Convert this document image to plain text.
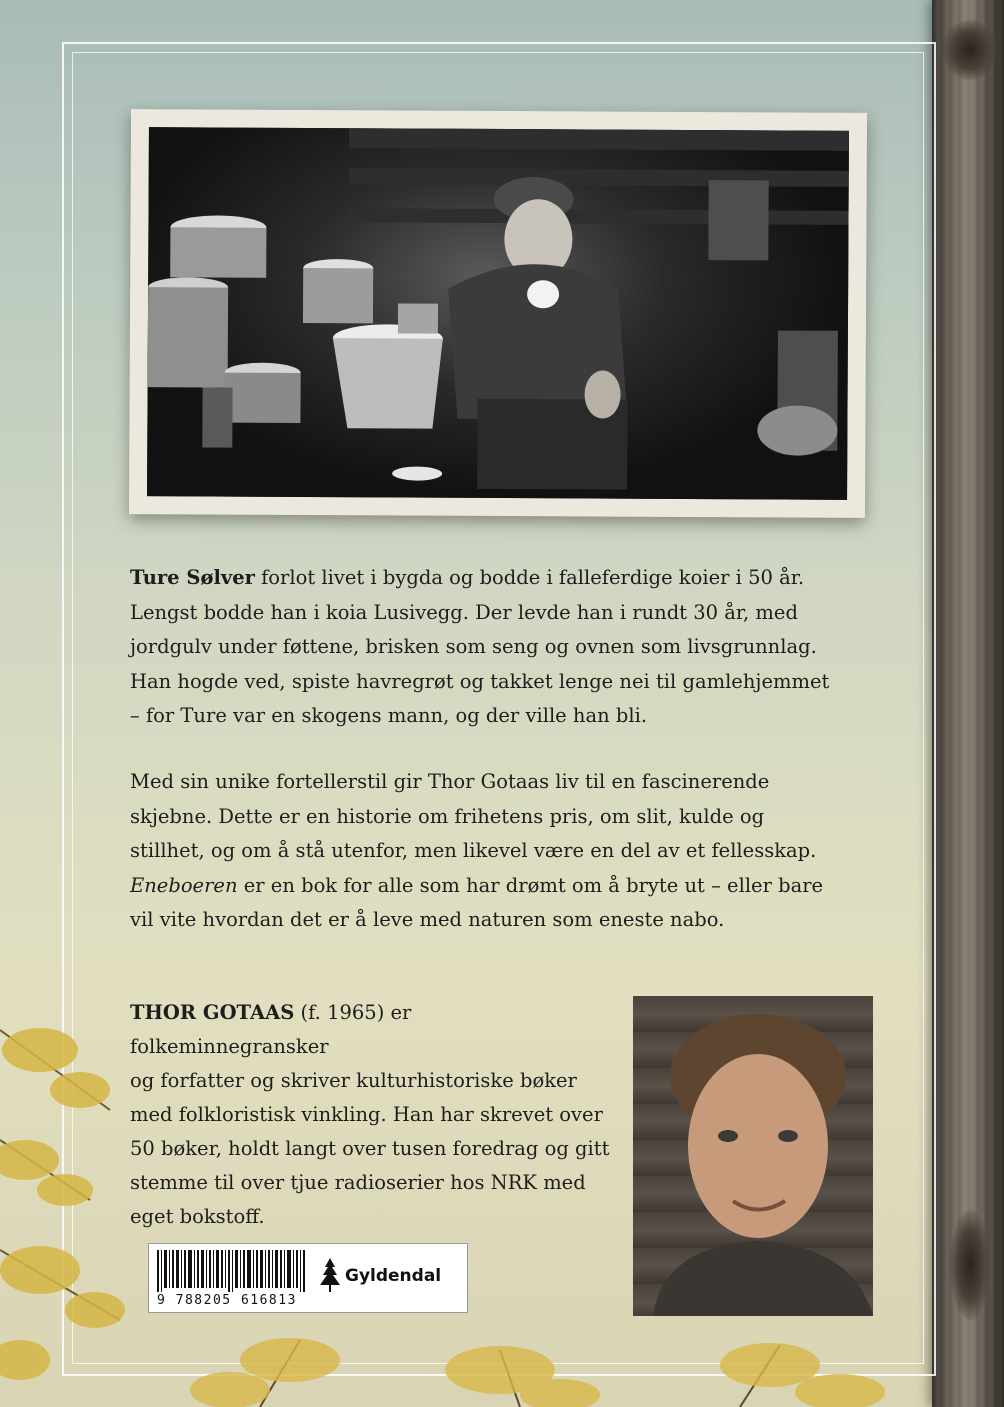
Ture Sølver forlot livet i bygda og bodde i falleferdige koier i 50 år.
Lengst bodde han i koia Lusivegg. Der levde han i rundt 30 år, med
jordgulv under føttene, brisken som seng og ovnen som livsgrunnlag.
Han hogde ved, spiste havregrøt og takket lenge nei til gamlehjemmet
– for Ture var en skogens mann, og der ville han bli.

Med sin unike fortellerstil gir Thor Gotaas liv til en fascinerende
skjebne. Dette er en historie om frihetens pris, om slit, kulde og
stillhet, og om å stå utenfor, men likevel være en del av et fellesskap.
Eneboeren er en bok for alle som har drømt om å bryte ut – eller bare
vil vite hvordan det er å leve med naturen som eneste nabo.

THOR GOTAAS (f. 1965) er folkeminnegransker
og forfatter og skriver kulturhistoriske bøker
med folkloristisk vinkling. Han har skrevet over
50 bøker, holdt langt over tusen foredrag og gitt
stemme til over tjue radioserier hos NRK med
eget bokstoff.

9 788205 616813
Gyldendal
